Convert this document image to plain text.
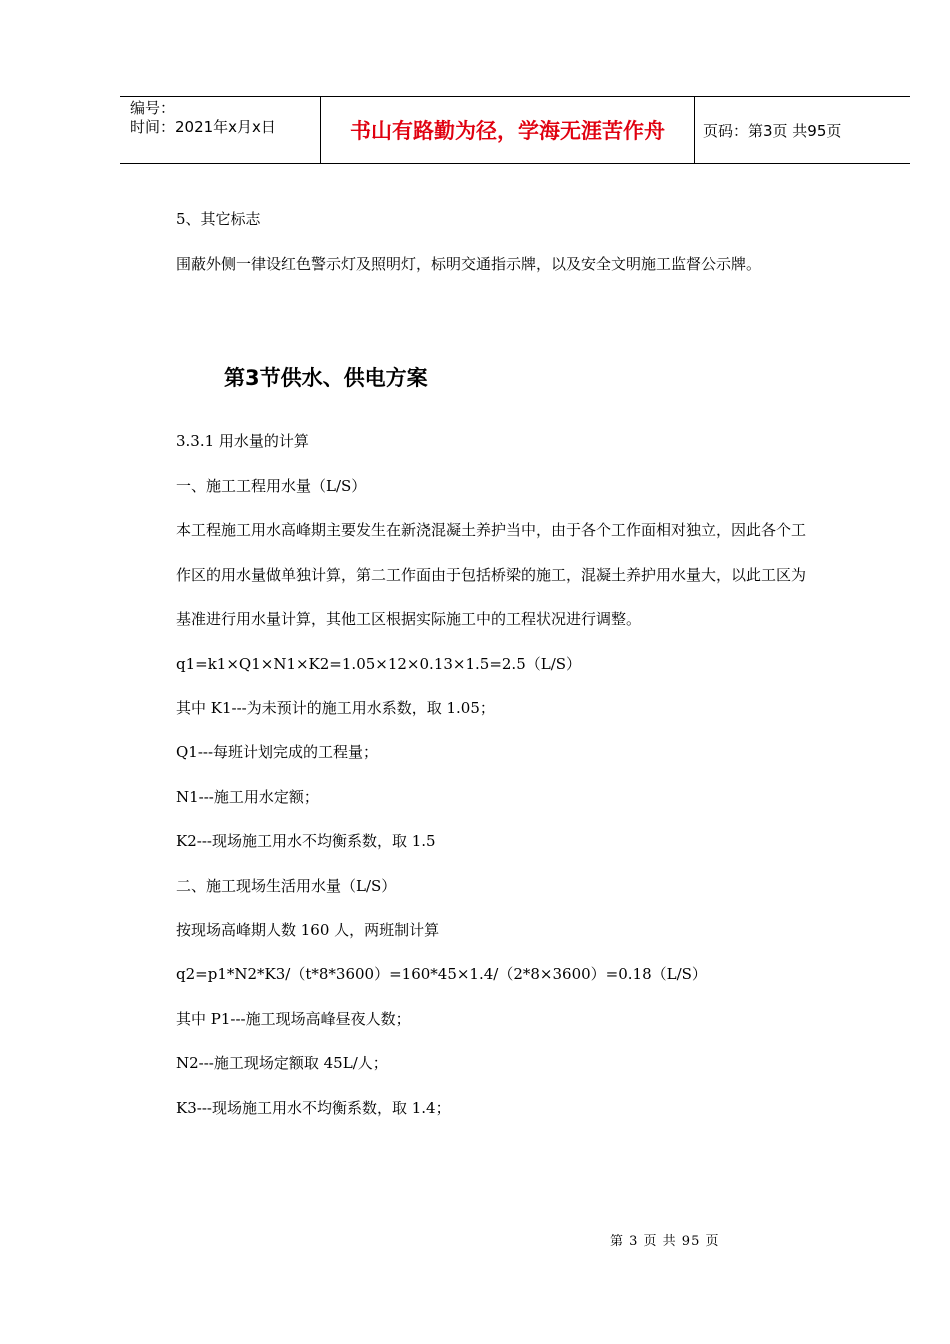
编号：
时间：2021年x月x日	书山有路勤为径，学海无涯苦作舟	页码：第3页 共95页
5、其它标志
围蔽外侧一律设红色警示灯及照明灯，标明交通指示牌，以及安全文明施工监督公示牌。
第3节供水、供电方案
3.3.1 用水量的计算
一、施工工程用水量（L/S）
本工程施工用水高峰期主要发生在新浇混凝土养护当中，由于各个工作面相对独立，因此各个工
作区的用水量做单独计算，第二工作面由于包括桥梁的施工，混凝土养护用水量大，以此工区为
基准进行用水量计算，其他工区根据实际施工中的工程状况进行调整。
q1=k1×Q1×N1×K2=1.05×12×0.13×1.5=2.5（L/S）
其中 K1---为未预计的施工用水系数，取 1.05；
Q1---每班计划完成的工程量；
N1---施工用水定额；
K2---现场施工用水不均衡系数，取 1.5
二、施工现场生活用水量（L/S）
按现场高峰期人数 160 人，两班制计算
q2=p1*N2*K3/（t*8*3600）=160*45×1.4/（2*8×3600）=0.18（L/S）
其中 P1---施工现场高峰昼夜人数；
N2---施工现场定额取 45L/人；
K3---现场施工用水不均衡系数，取 1.4；
第 3 页 共 95 页
